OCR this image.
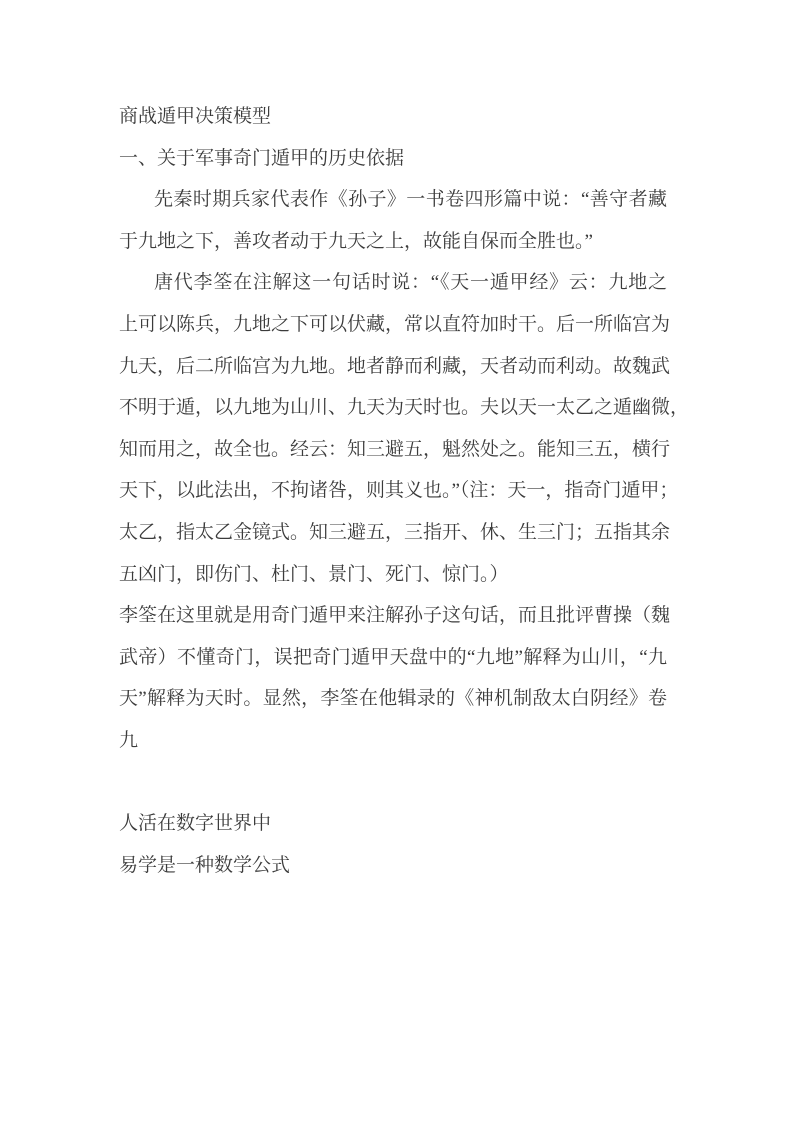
商战遁甲决策模型
一、关于军事奇门遁甲的历史依据
先秦时期兵家代表作《孙子》一书卷四形篇中说：“善守者藏
于九地之下，善攻者动于九天之上，故能自保而全胜也。”
唐代李筌在注解这一句话时说：“《天一遁甲经》云：九地之
上可以陈兵，九地之下可以伏藏，常以直符加时干。后一所临宫为
九天，后二所临宫为九地。地者静而利藏，天者动而利动。故魏武
不明于遁，以九地为山川、九天为天时也。夫以天一太乙之遁幽微，
知而用之，故全也。经云：知三避五，魁然处之。能知三五，横行
天下，以此法出，不拘诸咎，则其义也。”（注：天一，指奇门遁甲；
太乙，指太乙金镜式。知三避五，三指开、休、生三门；五指其余
五凶门，即伤门、杜门、景门、死门、惊门。）
李筌在这里就是用奇门遁甲来注解孙子这句话，而且批评曹操（魏
武帝）不懂奇门，误把奇门遁甲天盘中的“九地”解释为山川，“九
天”解释为天时。显然，李筌在他辑录的《神机制敌太白阴经》卷
九
人活在数字世界中
易学是一种数学公式
